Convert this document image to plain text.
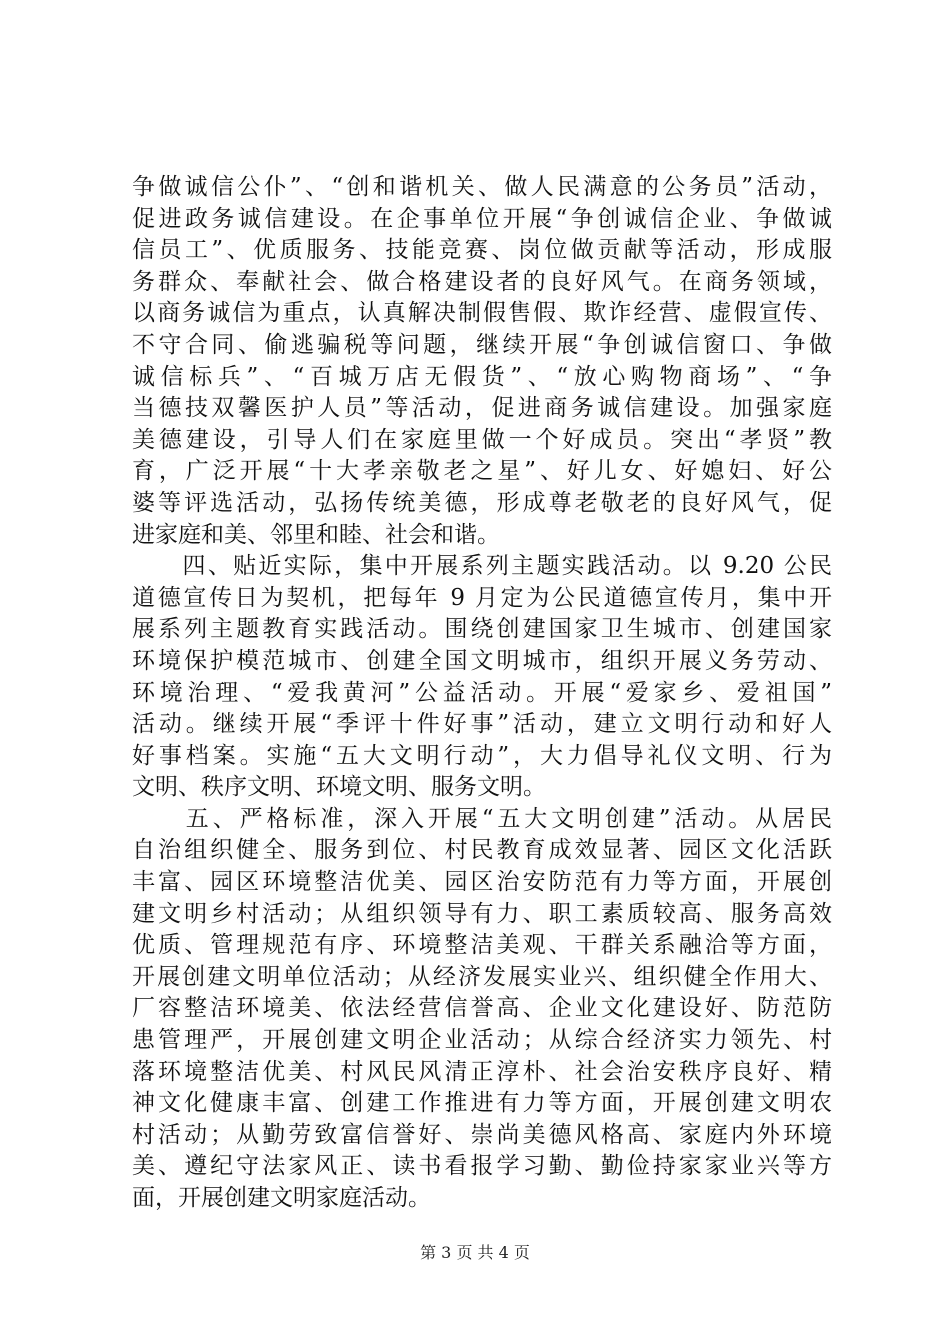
争做诚信公仆”、“创和谐机关、做人民满意的公务员”活动，
促进政务诚信建设。在企事单位开展“争创诚信企业、争做诚
信员工”、优质服务、技能竞赛、岗位做贡献等活动，形成服
务群众、奉献社会、做合格建设者的良好风气。在商务领域，
以商务诚信为重点，认真解决制假售假、欺诈经营、虚假宣传、
不守合同、偷逃骗税等问题，继续开展“争创诚信窗口、争做
诚信标兵”、“百城万店无假货”、“放心购物商场”、“争
当德技双馨医护人员”等活动，促进商务诚信建设。加强家庭
美德建设，引导人们在家庭里做一个好成员。突出“孝贤”教
育，广泛开展“十大孝亲敬老之星”、好儿女、好媳妇、好公
婆等评选活动，弘扬传统美德，形成尊老敬老的良好风气，促
进家庭和美、邻里和睦、社会和谐。
　　四、贴近实际，集中开展系列主题实践活动。以 9.20 公民
道德宣传日为契机，把每年 9 月定为公民道德宣传月，集中开
展系列主题教育实践活动。围绕创建国家卫生城市、创建国家
环境保护模范城市、创建全国文明城市，组织开展义务劳动、
环境治理、“爱我黄河”公益活动。开展“爱家乡、爱祖国”
活动。继续开展“季评十件好事”活动，建立文明行动和好人
好事档案。实施“五大文明行动”，大力倡导礼仪文明、行为
文明、秩序文明、环境文明、服务文明。
　　五、严格标准，深入开展“五大文明创建”活动。从居民
自治组织健全、服务到位、村民教育成效显著、园区文化活跃
丰富、园区环境整洁优美、园区治安防范有力等方面，开展创
建文明乡村活动；从组织领导有力、职工素质较高、服务高效
优质、管理规范有序、环境整洁美观、干群关系融洽等方面，
开展创建文明单位活动；从经济发展实业兴、组织健全作用大、
厂容整洁环境美、依法经营信誉高、企业文化建设好、防范防
患管理严，开展创建文明企业活动；从综合经济实力领先、村
落环境整洁优美、村风民风清正淳朴、社会治安秩序良好、精
神文化健康丰富、创建工作推进有力等方面，开展创建文明农
村活动；从勤劳致富信誉好、崇尚美德风格高、家庭内外环境
美、遵纪守法家风正、读书看报学习勤、勤俭持家家业兴等方
面，开展创建文明家庭活动。
第 3 页 共 4 页
